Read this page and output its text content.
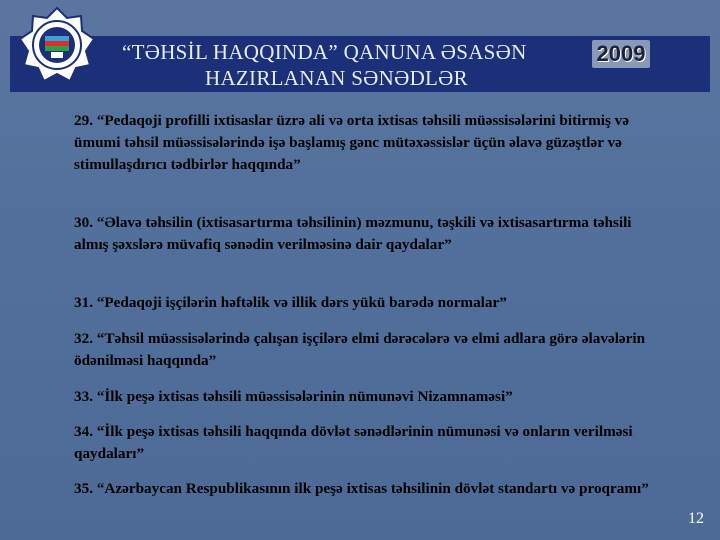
“TƏHSİL HAQQINDA” QANUNA ƏSASƏN
HAZIRLANAN SƏNƏDLƏR
2009
29. “Pedaqoji profilli ixtisaslar üzrə ali və orta ixtisas təhsili müəssisələrini bitirmiş və ümumi təhsil müəssisələrində işə başlamış gənc mütəxəssislər üçün əlavə güzəştlər və stimullaşdırıcı tədbirlər haqqında”
30. “Əlavə təhsilin (ixtisasartırma təhsilinin) məzmunu, təşkili və ixtisasartırma təhsili almış şəxslərə müvafiq sənədin verilməsinə dair qaydalar”
31. “Pedaqoji işçilərin həftəlik və illik dərs yükü barədə normalar”
32. “Təhsil müəssisələrində çalışan işçilərə elmi dərəcələrə və elmi adlara görə əlavələrin ödənilməsi haqqında”
33. “İlk peşə ixtisas təhsili müəssisələrinin nümunəvi Nizamnaməsi”
34. “İlk peşə ixtisas təhsili haqqında dövlət sənədlərinin nümunəsi və onların verilməsi qaydaları”
35. “Azərbaycan Respublikasının ilk peşə ixtisas təhsilinin dövlət standartı və proqramı”
12
